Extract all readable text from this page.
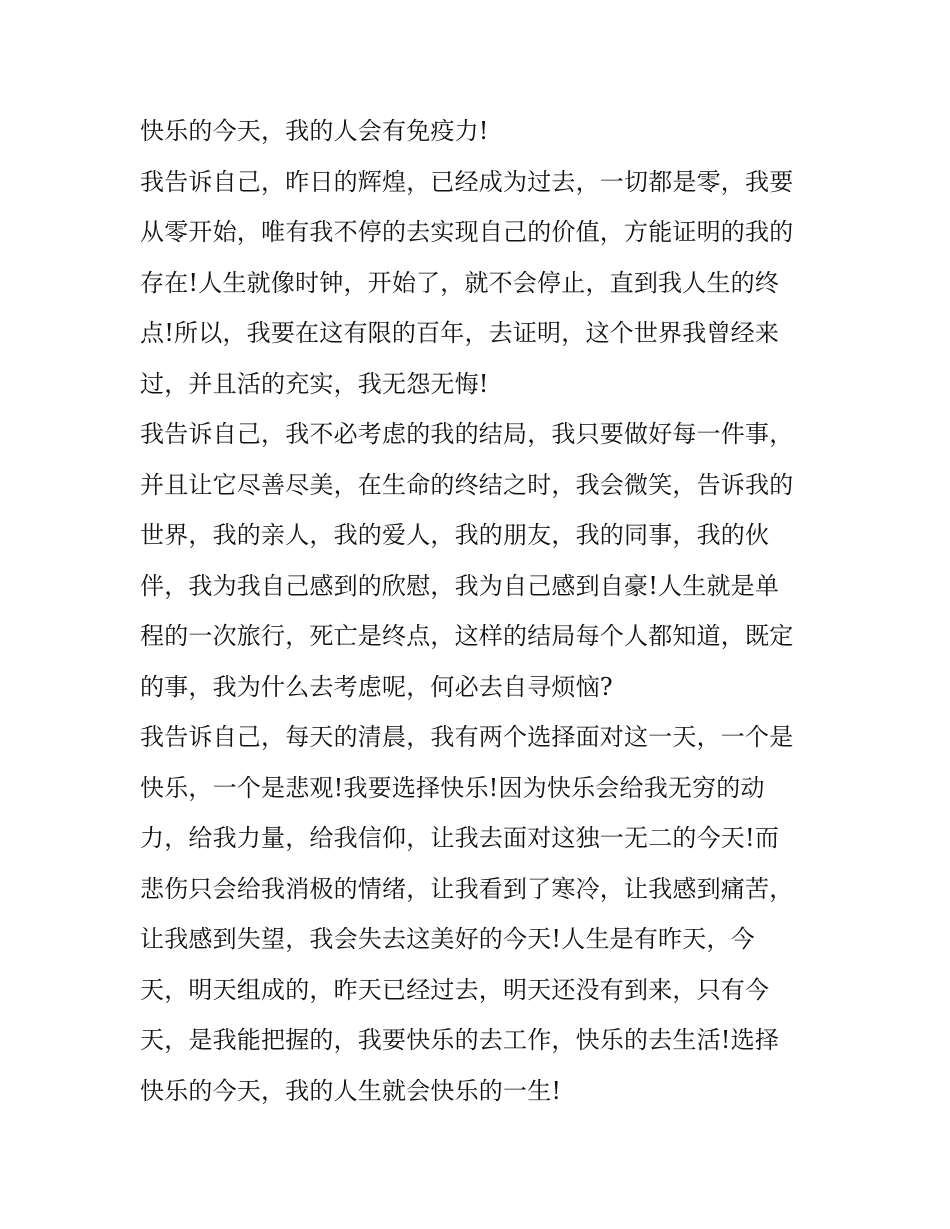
快乐的今天，我的人会有免疫力!
我告诉自己，昨日的辉煌，已经成为过去，一切都是零，我要
从零开始，唯有我不停的去实现自己的价值，方能证明的我的
存在!人生就像时钟，开始了，就不会停止，直到我人生的终
点!所以，我要在这有限的百年，去证明，这个世界我曾经来
过，并且活的充实，我无怨无悔!
我告诉自己，我不必考虑的我的结局，我只要做好每一件事，
并且让它尽善尽美，在生命的终结之时，我会微笑，告诉我的
世界，我的亲人，我的爱人，我的朋友，我的同事，我的伙
伴，我为我自己感到的欣慰，我为自己感到自豪!人生就是单
程的一次旅行，死亡是终点，这样的结局每个人都知道，既定
的事，我为什么去考虑呢，何必去自寻烦恼?
我告诉自己，每天的清晨，我有两个选择面对这一天，一个是
快乐，一个是悲观!我要选择快乐!因为快乐会给我无穷的动
力，给我力量，给我信仰，让我去面对这独一无二的今天!而
悲伤只会给我消极的情绪，让我看到了寒冷，让我感到痛苦，
让我感到失望，我会失去这美好的今天!人生是有昨天，今
天，明天组成的，昨天已经过去，明天还没有到来，只有今
天，是我能把握的，我要快乐的去工作，快乐的去生活!选择
快乐的今天，我的人生就会快乐的一生!
